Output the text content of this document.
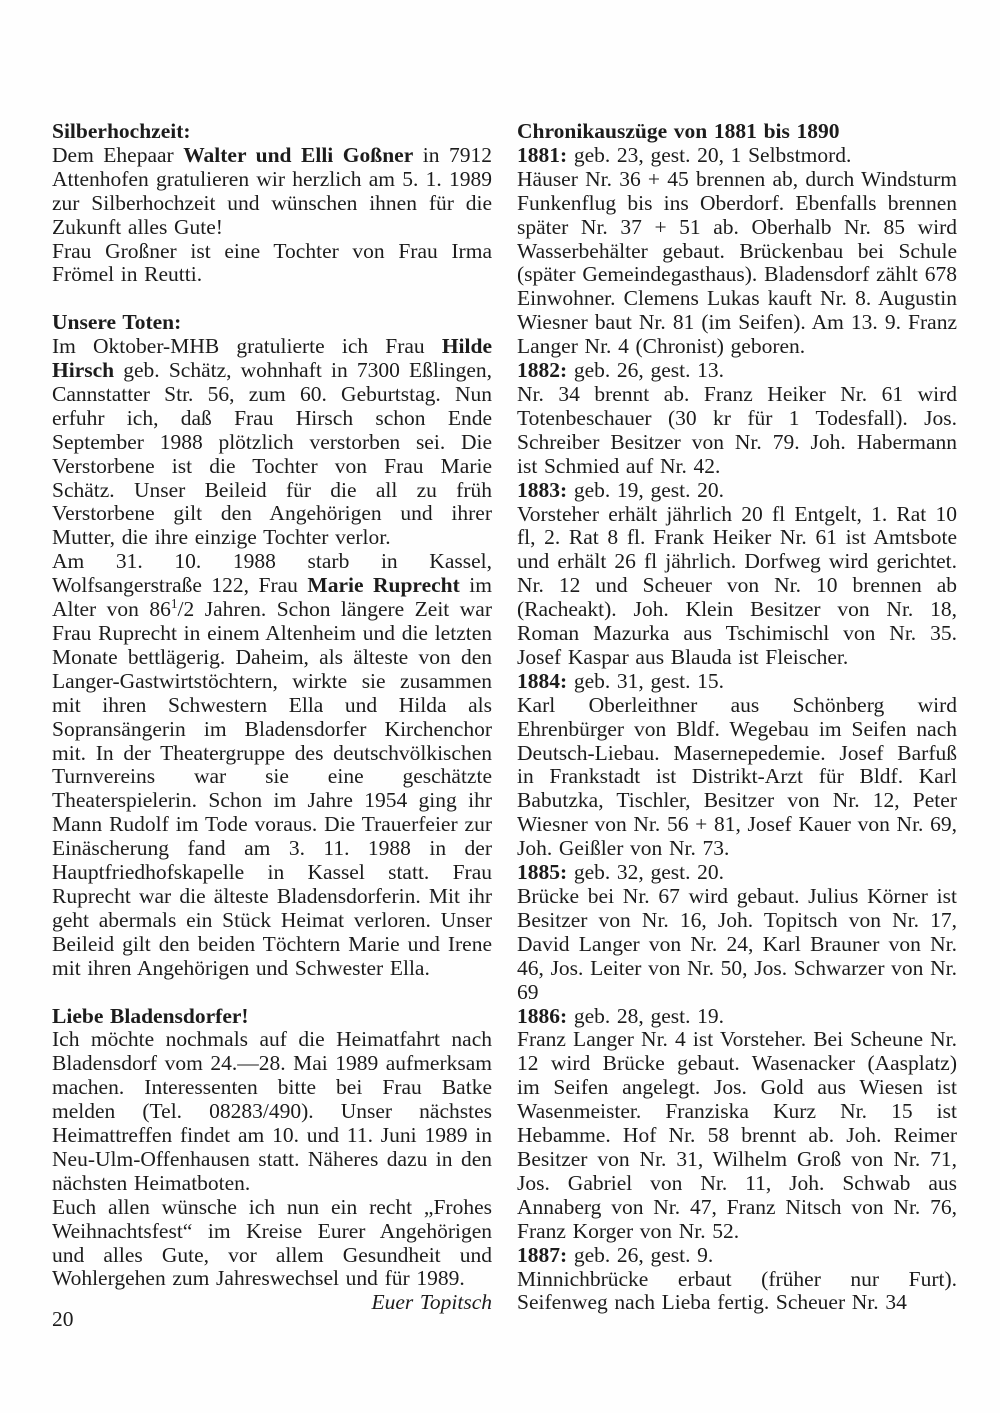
Silberhochzeit:

Dem Ehepaar Walter und Elli Goßner in 7912 Attenhofen gratulieren wir herzlich am 5. 1. 1989 zur Silberhochzeit und wünschen ihnen für die Zukunft alles Gute!

Frau Großner ist eine Tochter von Frau Irma Frömel in Reutti.

Unsere Toten:

Im Oktober-MHB gratulierte ich Frau Hilde Hirsch geb. Schätz, wohnhaft in 7300 Eßlingen, Cannstatter Str. 56, zum 60. Geburtstag. Nun erfuhr ich, daß Frau Hirsch schon Ende September 1988 plötzlich verstorben sei. Die Verstorbene ist die Tochter von Frau Marie Schätz. Unser Beileid für die all zu früh Verstorbene gilt den Angehörigen und ihrer Mutter, die ihre einzige Tochter verlor.

Am 31. 10. 1988 starb in Kassel, Wolfsangerstraße 122, Frau Marie Ruprecht im Alter von $86^1/2$ Jahren. Schon längere Zeit war Frau Ruprecht in einem Altenheim und die letzten Monate bettlägerig. Daheim, als älteste von den Langer-Gastwirtstöchtern, wirkte sie zusammen mit ihren Schwestern Ella und Hilda als Sopransängerin im Bladensdorfer Kirchenchor mit. In der Theatergruppe des deutschvölkischen Turnvereins war sie eine geschätzte Theaterspielerin. Schon im Jahre 1954 ging ihr Mann Rudolf im Tode voraus. Die Trauerfeier zur Einäscherung fand am 3. 11. 1988 in der Hauptfriedhofskapelle in Kassel statt. Frau Ruprecht war die älteste Bladensdorferin. Mit ihr geht abermals ein Stück Heimat verloren. Unser Beileid gilt den beiden Töchtern Marie und Irene mit ihren Angehörigen und Schwester Ella.

Liebe Bladensdorfer!

Ich möchte nochmals auf die Heimatfahrt nach Bladensdorf vom 24.—28. Mai 1989 aufmerksam machen. Interessenten bitte bei Frau Batke melden (Tel. 08283/490). Unser nächstes Heimattreffen findet am 10. und 11. Juni 1989 in Neu-Ulm-Offenhausen statt. Näheres dazu in den nächsten Heimatboten.

Euch allen wünsche ich nun ein recht „Frohes Weihnachtsfest“ im Kreise Eurer Angehörigen und alles Gute, vor allem Gesundheit und Wohlergehen zum Jahreswechsel und für 1989.

Euer Topitsch

Chronikauszüge von 1881 bis 1890

1881: geb. 23, gest. 20, 1 Selbstmord.

Häuser Nr. 36 + 45 brennen ab, durch Windsturm Funkenflug bis ins Oberdorf. Ebenfalls brennen später Nr. 37 + 51 ab. Oberhalb Nr. 85 wird Wasserbehälter gebaut. Brückenbau bei Schule (später Gemeindegasthaus). Bladensdorf zählt 678 Einwohner. Clemens Lukas kauft Nr. 8. Augustin Wiesner baut Nr. 81 (im Seifen). Am 13. 9. Franz Langer Nr. 4 (Chronist) geboren.

1882: geb. 26, gest. 13.

Nr. 34 brennt ab. Franz Heiker Nr. 61 wird Totenbeschauer (30 kr für 1 Todesfall). Jos. Schreiber Besitzer von Nr. 79. Joh. Habermann ist Schmied auf Nr. 42.

1883: geb. 19, gest. 20.

Vorsteher erhält jährlich 20 fl Entgelt, 1. Rat 10 fl, 2. Rat 8 fl. Frank Heiker Nr. 61 ist Amtsbote und erhält 26 fl jährlich. Dorfweg wird gerichtet. Nr. 12 und Scheuer von Nr. 10 brennen ab (Racheakt). Joh. Klein Besitzer von Nr. 18, Roman Mazurka aus Tschimischl von Nr. 35. Josef Kaspar aus Blauda ist Fleischer.

1884: geb. 31, gest. 15.

Karl Oberleithner aus Schönberg wird Ehrenbürger von Bldf. Wegebau im Seifen nach Deutsch-Liebau. Masernepedemie. Josef Barfuß in Frankstadt ist Distrikt-Arzt für Bldf. Karl Babutzka, Tischler, Besitzer von Nr. 12, Peter Wiesner von Nr. 56 + 81, Josef Kauer von Nr. 69, Joh. Geißler von Nr. 73.

1885: geb. 32, gest. 20.

Brücke bei Nr. 67 wird gebaut. Julius Körner ist Besitzer von Nr. 16, Joh. Topitsch von Nr. 17, David Langer von Nr. 24, Karl Brauner von Nr. 46, Jos. Leiter von Nr. 50, Jos. Schwarzer von Nr. 69

1886: geb. 28, gest. 19.

Franz Langer Nr. 4 ist Vorsteher. Bei Scheune Nr. 12 wird Brücke gebaut. Wasenacker (Aasplatz) im Seifen angelegt. Jos. Gold aus Wiesen ist Wasenmeister. Franziska Kurz Nr. 15 ist Hebamme. Hof Nr. 58 brennt ab. Joh. Reimer Besitzer von Nr. 31, Wilhelm Groß von Nr. 71, Jos. Gabriel von Nr. 11, Joh. Schwab aus Annaberg von Nr. 47, Franz Nitsch von Nr. 76, Franz Korger von Nr. 52.

1887: geb. 26, gest. 9.

Minnichbrücke erbaut (früher nur Furt). Seifenweg nach Lieba fertig. Scheuer Nr. 34

20
